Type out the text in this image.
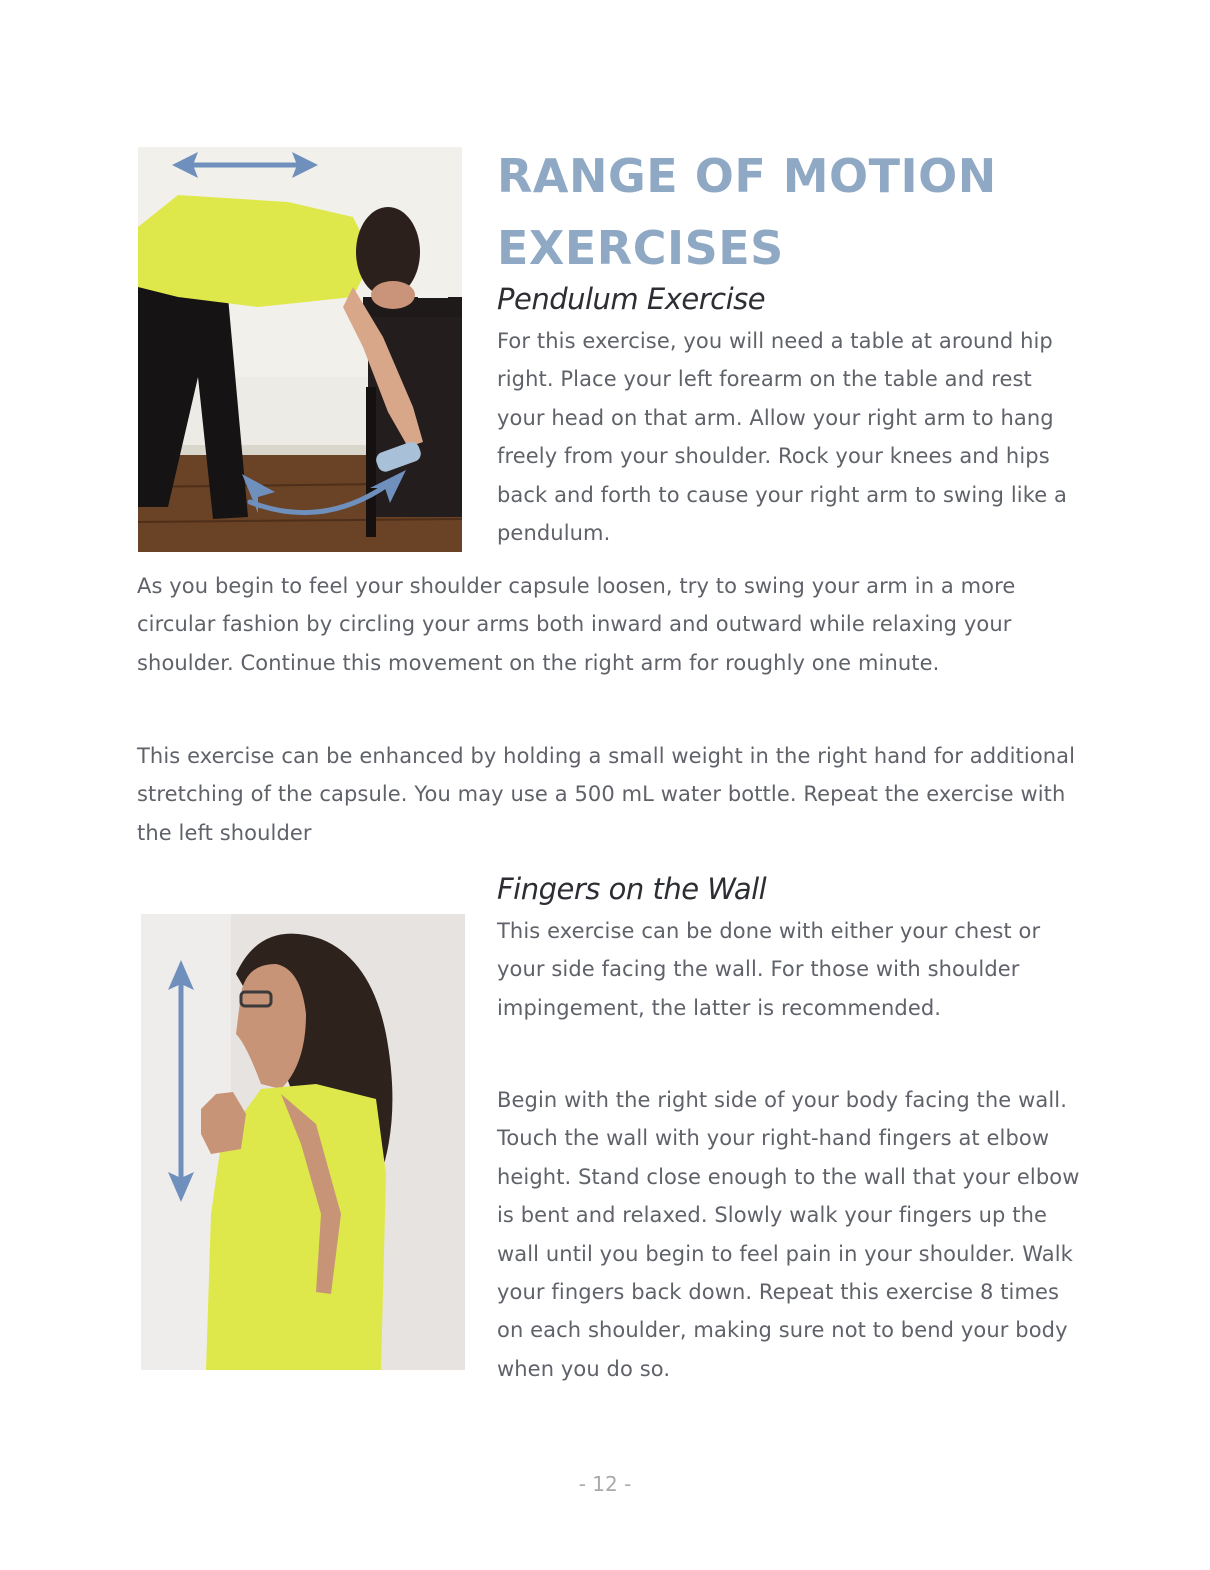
RANGE OF MOTION EXERCISES
Pendulum Exercise

For this exercise, you will need a table at around hip right. Place your left forearm on the table and rest your head on that arm. Allow your right arm to hang freely from your shoulder. Rock your knees and hips back and forth to cause your right arm to swing like a pendulum.

As you begin to feel your shoulder capsule loosen, try to swing your arm in a more circular fashion by circling your arms both inward and outward while relaxing your shoulder. Continue this movement on the right arm for roughly one minute.

This exercise can be enhanced by holding a small weight in the right hand for additional stretching of the capsule. You may use a 500 mL water bottle. Repeat the exercise with the left shoulder

Fingers on the Wall

This exercise can be done with either your chest or your side facing the wall. For those with shoulder impingement, the latter is recommended.

Begin with the right side of your body facing the wall. Touch the wall with your right-hand fingers at elbow height. Stand close enough to the wall that your elbow is bent and relaxed. Slowly walk your fingers up the wall until you begin to feel pain in your shoulder. Walk your fingers back down. Repeat this exercise 8 times on each shoulder, making sure not to bend your body when you do so.

- 12 -
